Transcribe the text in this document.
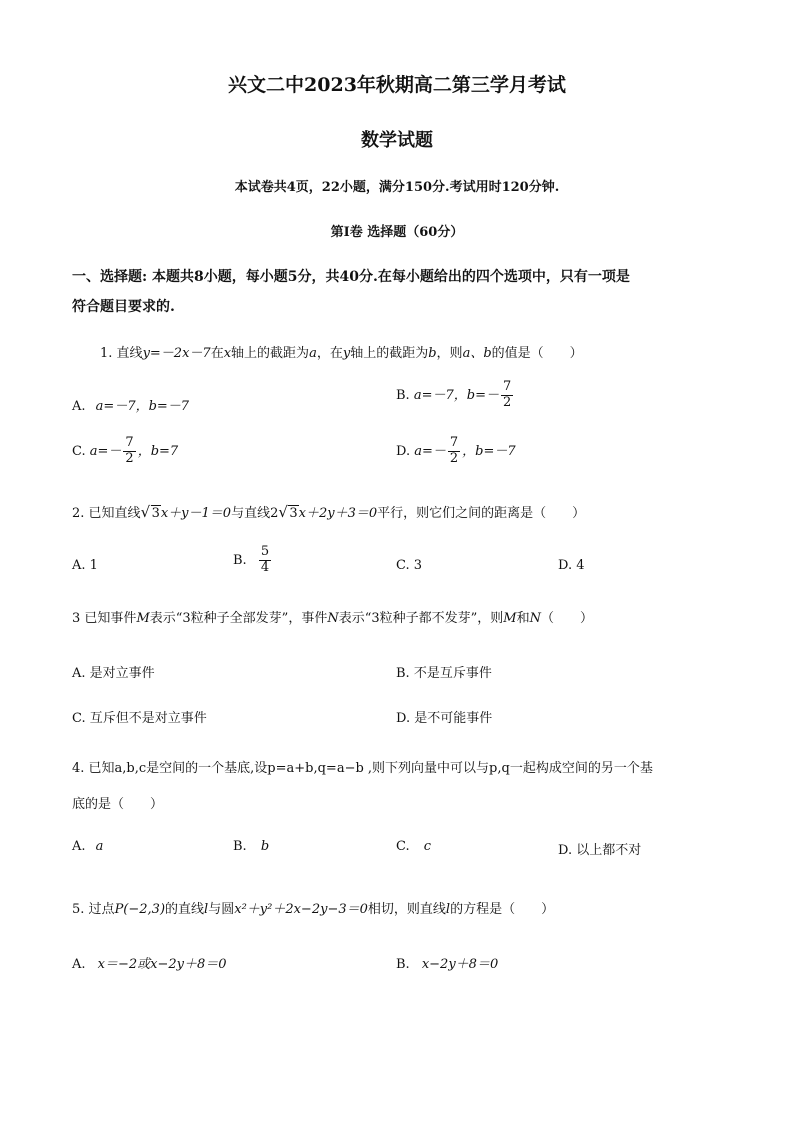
兴文二中2023年秋期高二第三学月考试
数学试题
本试卷共4页，22小题，满分150分.考试用时120分钟.
第I卷 选择题（60分）
一、选择题: 本题共8小题，每小题5分，共40分.在每小题给出的四个选项中，只有一项是
符合题目要求的.
1. 直线y=－2x－7在x轴上的截距为a，在y轴上的截距为b，则a、b的值是（　　）
A. a=－7，b=－7
B. a=－7，$b=- \frac{7}{2}$
C. $a=- \frac{7}{2}$ ，b=7	D. $a=- \frac{7}{2}$ ，b=－7
2. 已知直线 √ 3x＋y－1＝0与直线2 √ 3x＋2y＋3＝0平行，则它们之间的距离是（　　）
A. 1	B. $\frac{5}{4}$	C. 3	D. 4
3 已知事件M表示“3粒种子全部发芽”，事件N表示“3粒种子都不发芽”，则M和N（　　）
A. 是对立事件	B. 不是互斥事件
C. 互斥但不是对立事件	D. 是不可能事件
4. 已知a,b,c是空间的一个基底,设p=a+b,q=a−b ,则下列向量中可以与p,q一起构成空间的另一个基
底的是（　　）
A. a	B. b	C. c	D. 以上都不对
5. 过点P(−2,3)的直线l与圆x²＋y²＋2x−2y−3＝0相切，则直线l的方程是（　　）
A. x＝−2或x−2y＋8＝0	B. x−2y＋8＝0
